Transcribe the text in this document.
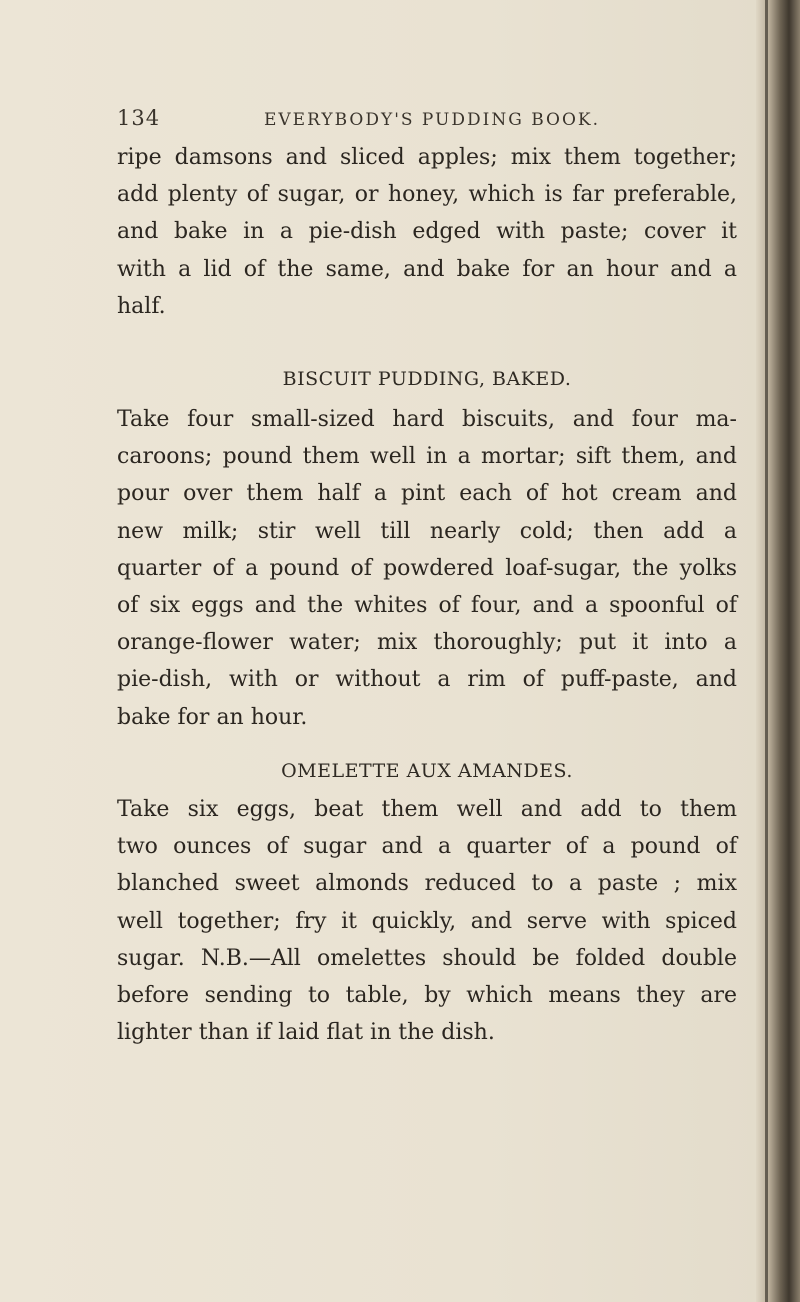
134	EVERYBODY'S PUDDING BOOK.
ripe damsons and sliced apples; mix them together;
add plenty of sugar, or honey, which is far preferable,
and bake in a pie-dish edged with paste; cover it
with a lid of the same, and bake for an hour and a
half.
BISCUIT PUDDING, BAKED.
Take four small-sized hard biscuits, and four ma-
caroons; pound them well in a mortar; sift them, and
pour over them half a pint each of hot cream and
new milk; stir well till nearly cold; then add a
quarter of a pound of powdered loaf-sugar, the yolks
of six eggs and the whites of four, and a spoonful of
orange-flower water; mix thoroughly; put it into a
pie-dish, with or without a rim of puff-paste, and
bake for an hour.
OMELETTE AUX AMANDES.
Take six eggs, beat them well and add to them
two ounces of sugar and a quarter of a pound of
blanched sweet almonds reduced to a paste ; mix
well together; fry it quickly, and serve with spiced
sugar. N.B.—All omelettes should be folded double
before sending to table, by which means they are
lighter than if laid flat in the dish.
